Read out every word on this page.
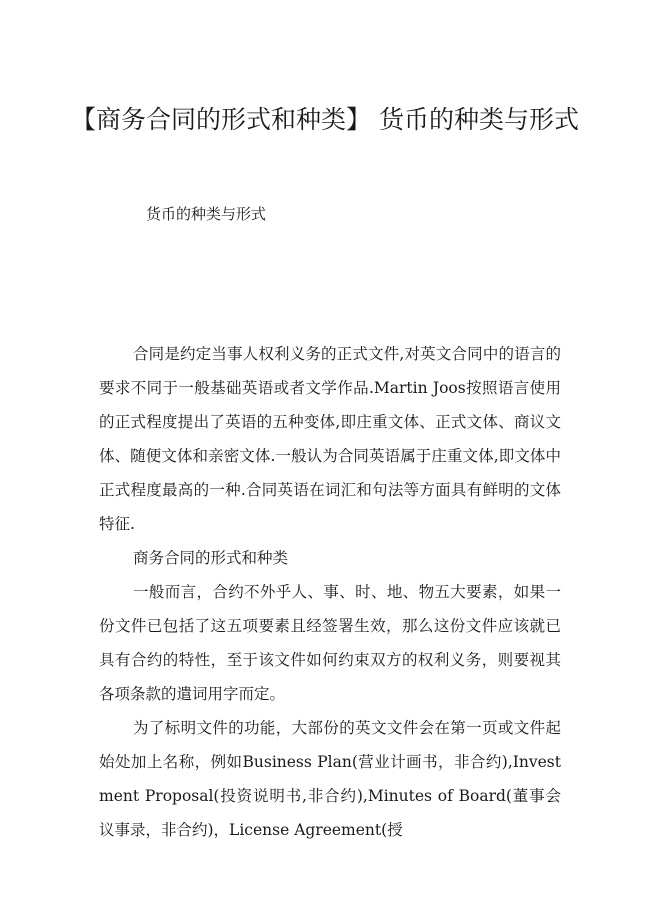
【商务合同的形式和种类】 货币的种类与形式

货币的种类与形式

合同是约定当事人权利义务的正式文件,对英文合同中的语言的要求不同于一般基础英语或者文学作品.Martin Joos按照语言使用的正式程度提出了英语的五种变体,即庄重文体、正式文体、商议文体、随便文体和亲密文体.一般认为合同英语属于庄重文体,即文体中正式程度最高的一种.合同英语在词汇和句法等方面具有鲜明的文体特征.

商务合同的形式和种类

一般而言，合约不外乎人、事、时、地、物五大要素，如果一份文件已包括了这五项要素且经签署生效，那么这份文件应该就已具有合约的特性，至于该文件如何约束双方的权利义务，则要视其各项条款的遣词用字而定。

为了标明文件的功能，大部份的英文文件会在第一页或文件起始处加上名称，例如Business Plan(营业计画书，非合约),Investment Proposal(投资说明书,非合约),Minutes of Board(董事会议事录，非合约)，License Agreement(授
